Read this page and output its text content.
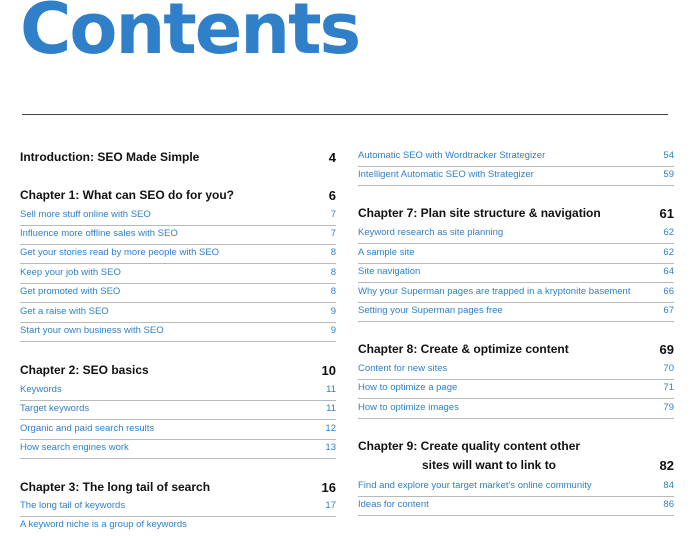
Contents
Introduction: SEO Made Simple	4
Chapter 1: What can SEO do for you?	6
Sell more stuff online with SEO	7
Influence more offline sales with SEO	7
Get your stories read by more people with SEO	8
Keep your job with SEO	8
Get promoted with SEO	8
Get a raise with SEO	9
Start your own business with SEO	9
Chapter 2: SEO basics	10
Keywords	11
Target keywords	11
Organic and paid search results	12
How search engines work	13
Chapter 3: The long tail of search	16
The long tail of keywords	17
A keyword niche is a group of keywords
Automatic SEO with Wordtracker Strategizer	54
Intelligent Automatic SEO with Strategizer	59
Chapter 7: Plan site structure & navigation	61
Keyword research as site planning	62
A sample site	62
Site navigation	64
Why your Superman pages are trapped in a kryptonite basement	66
Setting your Superman pages free	67
Chapter 8: Create & optimize content	69
Content for new sites	70
How to optimize a page	71
How to optimize images	79
Chapter 9: Create quality content other
sites will want to link to	82
Find and explore your target market's online community	84
Ideas for content	86
